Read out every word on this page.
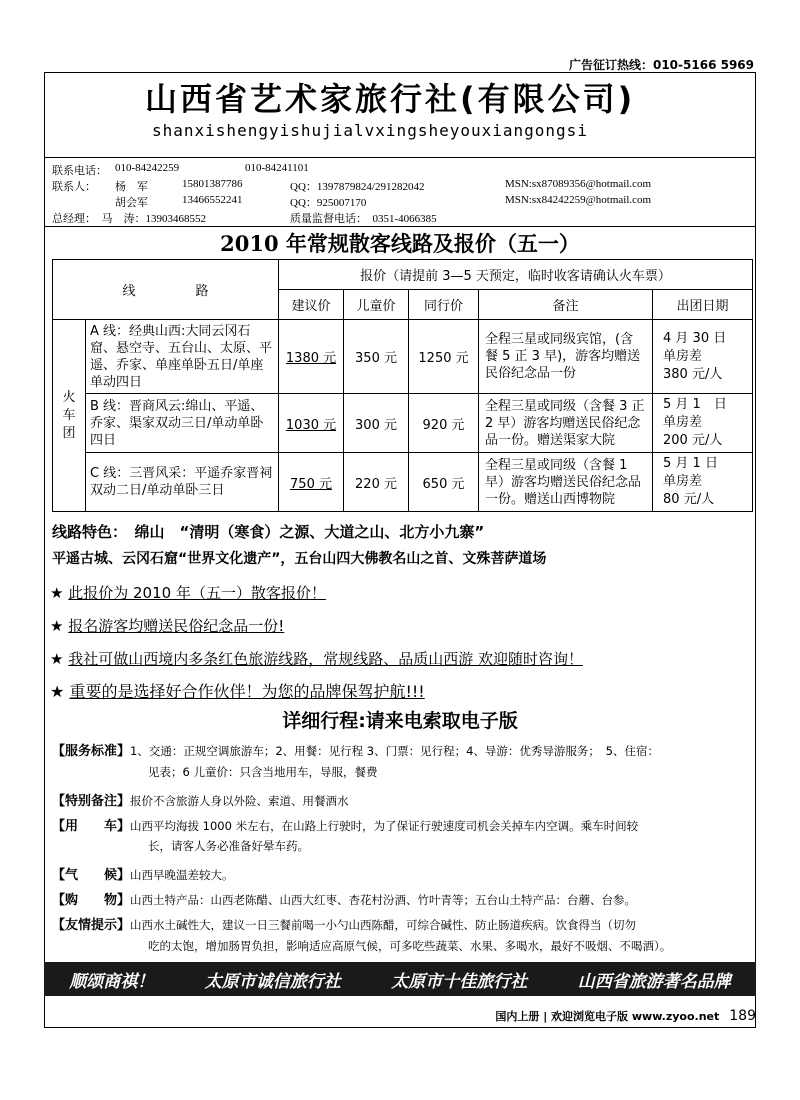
广告征订热线：010-5166 5969
山西省艺术家旅行社(有限公司)
shanxishengyishujialvxingsheyouxiangongsi
联系电话： 010-84242259	010-84241101
联系人： 杨　军	15801387786	QQ：1397879824/291282042	MSN:sx87089356@hotmail.com
胡会军	13466552241	QQ：925007170	MSN:sx84242259@hotmail.com
总经理：　马　涛：13903468552	质量监督电话：　0351-4066385
2010 年常规散客线路及报价（五一）
线路		报价（请提前 3—5 天预定，临时收客请确认火车票）				
		建议价	儿童价	同行价	备注	出团日期
火车团	A 线：经典山西:大同云冈石窟、悬空寺、五台山、太原、平遥、乔家、单座单卧五日/单座单动四日	1380 元	350 元	1250 元	全程三星或同级宾馆，(含餐 5 正 3 早)，游客均赠送民俗纪念品一份	4 月 30 日
单房差
380 元/人
	B 线：晋商风云:绵山、平遥、乔家、渠家双动三日/单动单卧四日	1030 元	300 元	920 元	全程三星或同级（含餐 3 正 2 早）游客均赠送民俗纪念品一份。赠送渠家大院	5 月 1　日
单房差
200 元/人
	C 线：三晋风采：平遥乔家晋祠双动二日/单动单卧三日	750 元	220 元	650 元	全程三星或同级（含餐 1 早）游客均赠送民俗纪念品一份。赠送山西博物院	5 月 1 日
单房差
80 元/人
线路特色：　绵山　“清明（寒食）之源、大道之山、北方小九寨”
平遥古城、云冈石窟“世界文化遗产”，五台山四大佛教名山之首、文殊菩萨道场
★ 此报价为 2010 年（五一）散客报价！
★ 报名游客均赠送民俗纪念品一份!
★ 我社可做山西境内多条红色旅游线路，常规线路、品质山西游 欢迎随时咨询！
★ 重要的是选择好合作伙伴！为您的品牌保驾护航!!!
详细行程:请来电索取电子版
【服务标准】1、交通：正规空调旅游车；2、用餐：见行程 3、门票：见行程；4、导游：优秀导游服务；　5、住宿：
见表；6 儿童价：只含当地用车，导服，餐费
【特别备注】报价不含旅游人身以外险、索道、用餐酒水
【用　　车】山西平均海拔 1000 米左右，在山路上行驶时，为了保证行驶速度司机会关掉车内空调。乘车时间较
长，请客人务必准备好晕车药。
【气　　候】山西早晚温差较大。
【购　　物】山西土特产品：山西老陈醋、山西大红枣、杏花村汾酒、竹叶青等；五台山土特产品：台蘑、台参。
【友情提示】山西水土碱性大，建议一日三餐前喝一小勺山西陈醋，可综合碱性、防止肠道疾病。饮食得当（切勿
吃的太饱，增加肠胃负担，影响适应高原气候，可多吃些蔬菜、水果、多喝水，最好不吸烟、不喝酒）。
顺颂商祺！	太原市诚信旅行社	太原市十佳旅行社	山西省旅游著名品牌
国内上册 | 欢迎浏览电子版 www.zyoo.net 189
